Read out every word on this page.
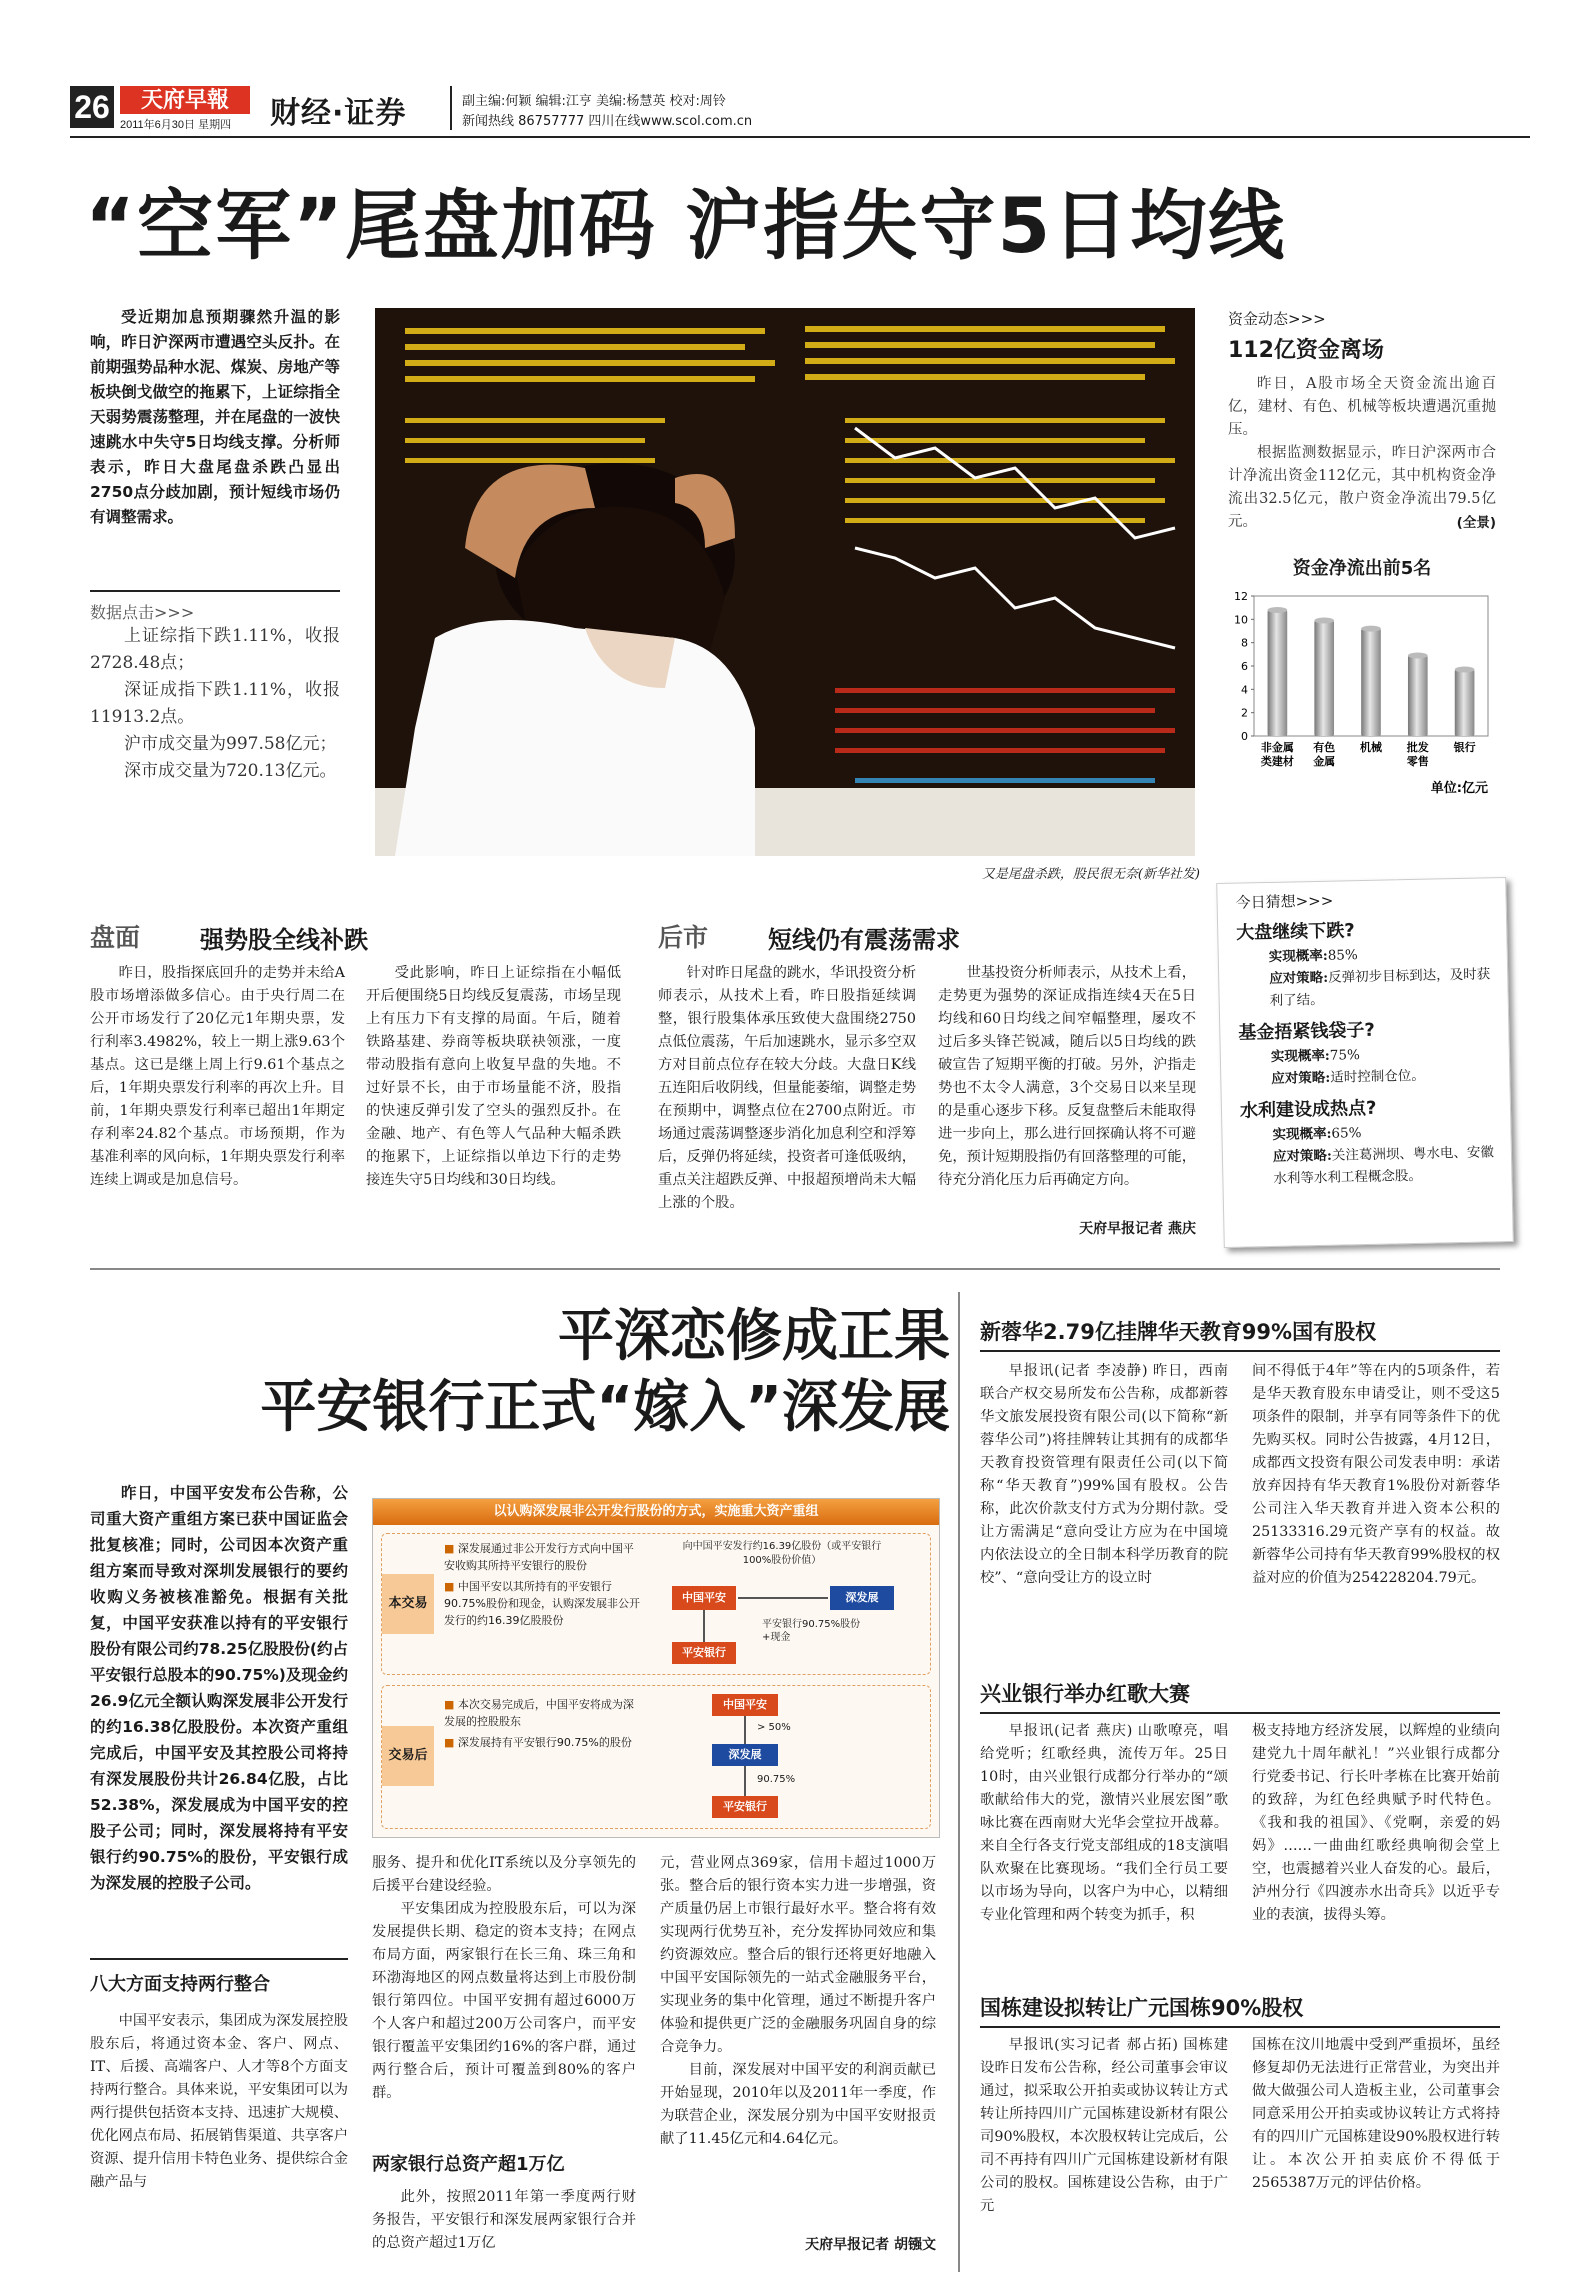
26	天府早報
2011年6月30日 星期四	财经·证券	副主编:何颖 编辑:江亨 美编:杨慧英 校对:周铃
新闻热线 86757777 四川在线www.scol.com.cn
“空军”尾盘加码 沪指失守5日均线
受近期加息预期骤然升温的影响，昨日沪深两市遭遇空头反扑。在前期强势品种水泥、煤炭、房地产等板块倒戈做空的拖累下，上证综指全天弱势震荡整理，并在尾盘的一波快速跳水中失守5日均线支撑。分析师表示，昨日大盘尾盘杀跌凸显出2750点分歧加剧，预计短线市场仍有调整需求。
数据点击>>>
上证综指下跌1.11%，收报2728.48点；
深证成指下跌1.11%，收报11913.2点。
沪市成交量为997.58亿元；
深市成交量为720.13亿元。
又是尾盘杀跌，股民很无奈(新华社发)
资金动态>>>
112亿资金离场
昨日，A股市场全天资金流出逾百亿，建材、有色、机械等板块遭遇沉重抛压。
根据监测数据显示，昨日沪深两市合计净流出资金112亿元，其中机构资金净流出32.5亿元，散户资金净流出79.5亿元。	(全景)
资金净流出前5名
0
2
4
6
8
10
12
非金属
类建材
有色
金属
机械 批发
零售
银行
单位:亿元
今日猜想>>>
大盘继续下跌?
实现概率:85%
应对策略:反弹初步目标到达，及时获利了结。
基金捂紧钱袋子?
实现概率:75%
应对策略:适时控制仓位。
水利建设成热点?
实现概率:65%
应对策略:关注葛洲坝、粤水电、安徽水利等水利工程概念股。
盘面 强势股全线补跌

昨日，股指探底回升的走势并未给A股市场增添做多信心。由于央行周二在公开市场发行了20亿元1年期央票，发行利率3.4982%，较上一期上涨9.63个基点。这已是继上周上行9.61个基点之后，1年期央票发行利率的再次上升。目前，1年期央票发行利率已超出1年期定存利率24.82个基点。市场预期，作为基准利率的风向标，1年期央票发行利率连续上调或是加息信号。

受此影响，昨日上证综指在小幅低开后便围绕5日均线反复震荡，市场呈现上有压力下有支撑的局面。午后，随着铁路基建、券商等板块联袂领涨，一度带动股指有意向上收复早盘的失地。不过好景不长，由于市场量能不济，股指的快速反弹引发了空头的强烈反扑。在金融、地产、有色等人气品种大幅杀跌的拖累下，上证综指以单边下行的走势接连失守5日均线和30日均线。

后市 短线仍有震荡需求

针对昨日尾盘的跳水，华讯投资分析师表示，从技术上看，昨日股指延续调整，银行股集体承压致使大盘围绕2750点低位震荡，午后加速跳水，显示多空双方对目前点位存在较大分歧。大盘日K线五连阳后收阴线，但量能萎缩，调整走势在预期中，调整点位在2700点附近。市场通过震荡调整逐步消化加息利空和浮筹后，反弹仍将延续，投资者可逢低吸纳，重点关注超跌反弹、中报超预增尚未大幅上涨的个股。

世基投资分析师表示，从技术上看，走势更为强势的深证成指连续4天在5日均线和60日均线之间窄幅整理，屡攻不过后多头锋芒锐减，随后以5日均线的跌破宣告了短期平衡的打破。另外，沪指走势也不太令人满意，3个交易日以来呈现的是重心逐步下移。反复盘整后未能取得进一步向上，那么进行回探确认将不可避免，预计短期股指仍有回落整理的可能，待充分消化压力后再确定方向。

天府早报记者 燕庆
平深恋修成正果
平安银行正式“嫁入”深发展
昨日，中国平安发布公告称，公司重大资产重组方案已获中国证监会批复核准；同时，公司因本次资产重组方案而导致对深圳发展银行的要约收购义务被核准豁免。根据有关批复，中国平安获准以持有的平安银行股份有限公司约78.25亿股股份(约占平安银行总股本的90.75%)及现金约26.9亿元全额认购深发展非公开发行的约16.38亿股股份。本次资产重组完成后，中国平安及其控股公司将持有深发展股份共计26.84亿股，占比52.38%，深发展成为中国平安的控股子公司；同时，深发展将持有平安银行约90.75%的股份，平安银行成为深发展的控股子公司。
以认购深发展非公开发行股份的方式，实施重大资产重组
本交易
■ 深发展通过非公开发行方式向中国平安收购其所持平安银行的股份
■ 中国平安以其所持有的平安银行90.75%股份和现金，认购深发展非公开发行的约16.39亿股股份
向中国平安发行约16.39亿股份（或平安银行100%股份价值）
中国平安	深发展
平安银行
平安银行90.75%股份 +现金
交易后
■ 本次交易完成后，中国平安将成为深发展的控股股东
■ 深发展持有平安银行90.75%的股份
中国平安
> 50%
深发展
90.75%
平安银行
八大方面支持两行整合

中国平安表示，集团成为深发展控股股东后，将通过资本金、客户、网点、IT、后援、高端客户、人才等8个方面支持两行整合。具体来说，平安集团可以为两行提供包括资本支持、迅速扩大规模、优化网点布局、拓展销售渠道、共享客户资源、提升信用卡特色业务、提供综合金融产品与

服务、提升和优化IT系统以及分享领先的后援平台建设经验。

平安集团成为控股股东后，可以为深发展提供长期、稳定的资本支持；在网点布局方面，两家银行在长三角、珠三角和环渤海地区的网点数量将达到上市股份制银行第四位。中国平安拥有超过6000万个人客户和超过200万公司客户，而平安银行覆盖平安集团约16%的客户群，通过两行整合后，预计可覆盖到80%的客户群。

两家银行总资产超1万亿

此外，按照2011年第一季度两行财务报告，平安银行和深发展两家银行合并的总资产超过1万亿

元，营业网点369家，信用卡超过1000万张。整合后的银行资本实力进一步增强，资产质量仍居上市银行最好水平。整合将有效实现两行优势互补，充分发挥协同效应和集约资源效应。整合后的银行还将更好地融入中国平安国际领先的一站式金融服务平台，实现业务的集中化管理，通过不断提升客户体验和提供更广泛的金融服务巩固自身的综合竞争力。

目前，深发展对中国平安的利润贡献已开始显现，2010年以及2011年一季度，作为联营企业，深发展分别为中国平安财报贡献了11.45亿元和4.64亿元。

天府早报记者 胡镪文
新蓉华2.79亿挂牌华天教育99%国有股权

早报讯(记者 李凌静) 昨日，西南联合产权交易所发布公告称，成都新蓉华文旅发展投资有限公司(以下简称“新蓉华公司”)将挂牌转让其拥有的成都华天教育投资管理有限责任公司(以下简称“华天教育”)99%国有股权。公告称，此次价款支付方式为分期付款。受让方需满足“意向受让方应为在中国境内依法设立的全日制本科学历教育的院校”、“意向受让方的设立时

间不得低于4年”等在内的5项条件，若是华天教育股东申请受让，则不受这5项条件的限制，并享有同等条件下的优先购买权。同时公告披露，4月12日，成都西文投资有限公司发表申明：承诺放弃因持有华天教育1%股份对新蓉华公司注入华天教育并进入资本公积的25133316.29元资产享有的权益。故新蓉华公司持有华天教育99%股权的权益对应的价值为254228204.79元。

兴业银行举办红歌大赛

早报讯(记者 燕庆) 山歌嘹亮，唱给党听；红歌经典，流传万年。25日10时，由兴业银行成都分行举办的“颂歌献给伟大的党，激情兴业展宏图”歌咏比赛在西南财大光华会堂拉开战幕。来自全行各支行党支部组成的18支演唱队欢聚在比赛现场。“我们全行员工要以市场为导向，以客户为中心，以精细专业化管理和两个转变为抓手，积

极支持地方经济发展，以辉煌的业绩向建党九十周年献礼！”兴业银行成都分行党委书记、行长叶孝栋在比赛开始前的致辞，为红色经典赋予时代特色。《我和我的祖国》、《党啊，亲爱的妈妈》……一曲曲红歌经典响彻会堂上空，也震撼着兴业人奋发的心。最后，泸州分行《四渡赤水出奇兵》以近乎专业的表演，拔得头筹。

国栋建设拟转让广元国栋90%股权

早报讯(实习记者 郝占拓) 国栋建设昨日发布公告称，经公司董事会审议通过，拟采取公开拍卖或协议转让方式转让所持四川广元国栋建设新材有限公司90%股权，本次股权转让完成后，公司不再持有四川广元国栋建设新材有限公司的股权。国栋建设公告称，由于广元

国栋在汶川地震中受到严重损坏，虽经修复却仍无法进行正常营业，为突出并做大做强公司人造板主业，公司董事会同意采用公开拍卖或协议转让方式将持有的四川广元国栋建设90%股权进行转让。本次公开拍卖底价不得低于2565387万元的评估价格。
